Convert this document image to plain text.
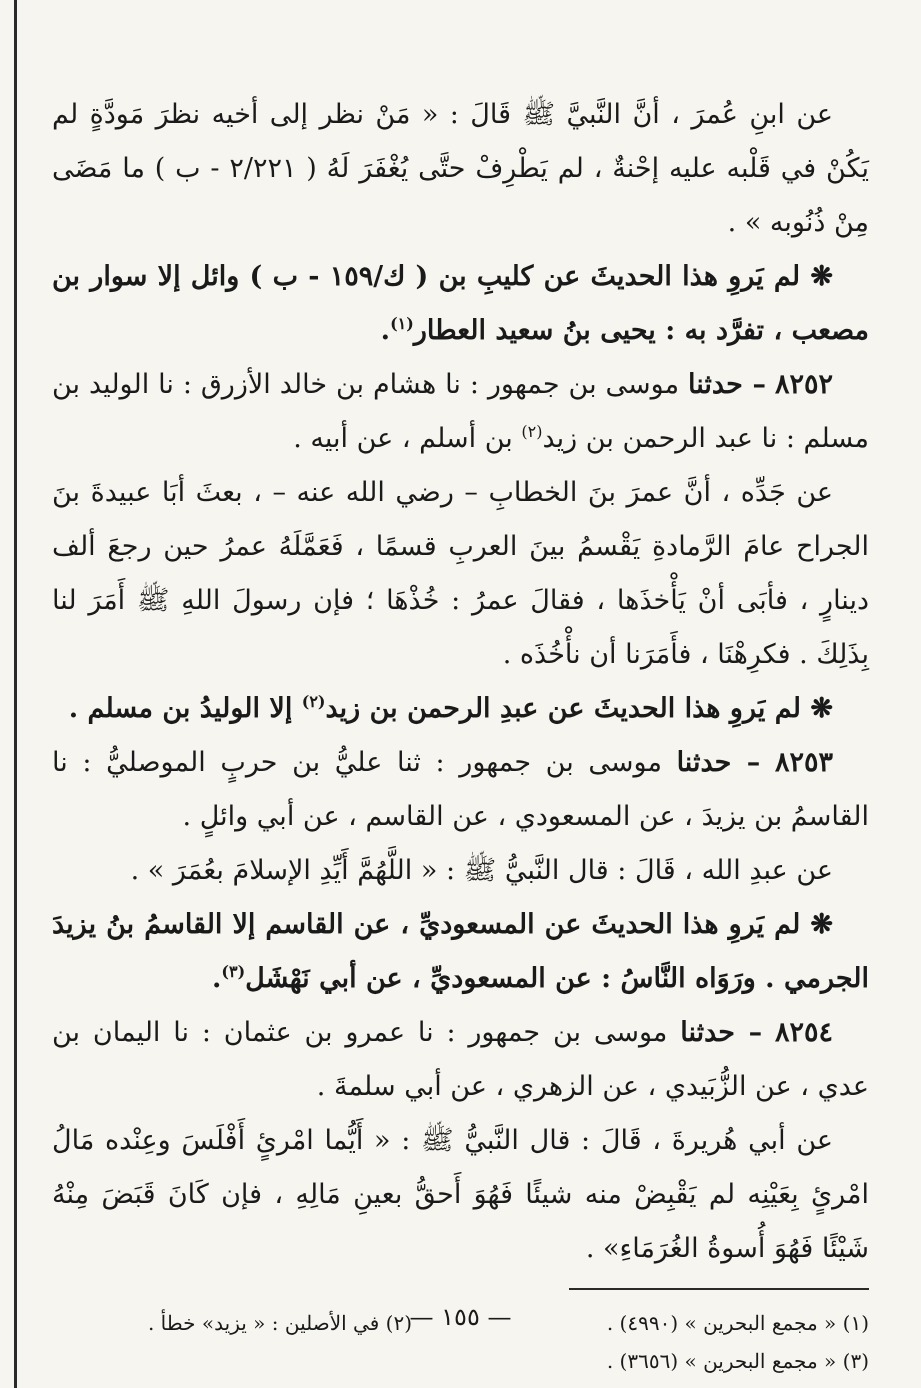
عن ابنِ عُمرَ ، أنَّ النَّبيَّ ﷺ قَالَ : « مَنْ نظر إلى أخيه نظرَ مَودَّةٍ لم يَكُنْ في قَلْبه عليه إحْنةٌ ، لم يَطْرِفْ حتَّى يُغْفَرَ لَهُ ( ٢/٢٢١ - ب ) ما مَضَى مِنْ ذُنُوبه » .

❋ لم يَروِ هذا الحديثَ عن كليبِ بن ( ك/١٥٩ - ب ) وائل إلا سوار بن مصعب ، تفرَّد به : يحيى بنُ سعيد العطار$^{(١)}$.

٨٢٥٢ – حدثنا موسى بن جمهور : نا هشام بن خالد الأزرق : نا الوليد بن مسلم : نا عبد الرحمن بن زيد$^{(٢)}$ بن أسلم ، عن أبيه .

عن جَدِّه ، أنَّ عمرَ بنَ الخطابِ – رضي الله عنه – ، بعثَ أبَا عبيدةَ بنَ الجراح عامَ الرَّمادةِ يَقْسمُ بينَ العربِ قسمًا ، فَعَمَّلَهُ عمرُ حين رجعَ ألف دينارٍ ، فأبَى أنْ يَأْخذَها ، فقالَ عمرُ : خُذْهَا ؛ فإن رسولَ اللهِ ﷺ أَمَرَ لنا بِذَلِكَ . فكرِهْنَا ، فأَمَرَنا أن نأْخُذَه .

❋ لم يَروِ هذا الحديثَ عن عبدِ الرحمن بن زيد$^{(٢)}$ إلا الوليدُ بن مسلم .

٨٢٥٣ – حدثنا موسى بن جمهور : ثنا عليُّ بن حربٍ الموصليُّ : نا القاسمُ بن يزيدَ ، عن المسعودي ، عن القاسم ، عن أبي وائلٍ .

عن عبدِ الله ، قَالَ : قال النَّبيُّ ﷺ : « اللَّهُمَّ أَيِّدِ الإسلامَ بعُمَرَ » .

❋ لم يَروِ هذا الحديثَ عن المسعوديِّ ، عن القاسم إلا القاسمُ بنُ يزيدَ الجرمي . ورَوَاه النَّاسُ : عن المسعوديِّ ، عن أبي نَهْشَل$^{(٣)}$.

٨٢٥٤ – حدثنا موسى بن جمهور : نا عمرو بن عثمان : نا اليمان بن عدي ، عن الزُّبَيدي ، عن الزهري ، عن أبي سلمةَ .

عن أبي هُريرةَ ، قَالَ : قال النَّبيُّ ﷺ : « أَيُّما امْرئٍ أَفْلَسَ وعِنْده مَالُ امْرئٍ بِعَيْنِه لم يَقْبِضْ منه شيئًا فَهُوَ أَحقُّ بعينِ مَالِهِ ، فإن كَانَ قَبَضَ مِنْهُ شَيْئًا فَهُوَ أُسوةُ الغُرَمَاءِ» .

(١) « مجمع البحرين » (٤٩٩٠) .
(٢) في الأصلين : « يزيد» خطأ .
(٣) « مجمع البحرين » (٣٦٥٦) .
— ١٥٥ —
